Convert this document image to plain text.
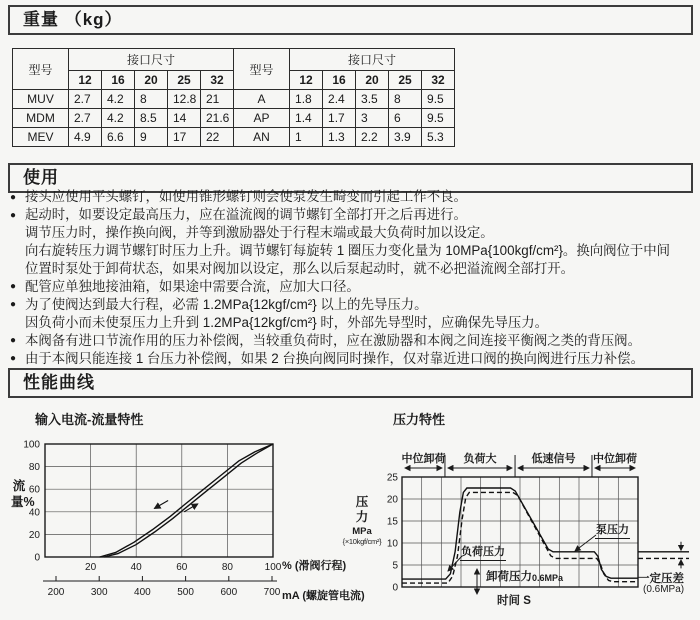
重量 （kg）
型号	接口尺寸					型号	接口尺寸				
	12	16	20	25	32		12	16	20	25	32
MUV	2.7	4.2	8	12.8	21	A	1.8	2.4	3.5	8	9.5
MDM	2.7	4.2	8.5	14	21.6	AP	1.4	1.7	3	6	9.5
MEV	4.9	6.6	9	17	22	AN	1	1.3	2.2	3.9	5.3
使用
● 接头应使用平头螺钉，如使用锥形螺钉则会使泵发生畸变而引起工作不良。
● 起动时，如要设定最高压力，应在溢流阀的调节螺钉全部打开之后再进行。
调节压力时，操作换向阀，并等到激励器处于行程末端或最大负荷时加以设定。
向右旋转压力调节螺钉时压力上升。调节螺钉每旋转 1 圈压力变化量为 10MPa{100kgf/cm²}。换向阀位于中间
位置时泵处于卸荷状态，如果对阀加以设定，那么以后泵起动时，就不必把溢流阀全部打开。
● 配管应单独地接油箱，如果途中需要合流，应加大口径。
● 为了使阀达到最大行程，必需 1.2MPa{12kgf/cm²} 以上的先导压力。
因负荷小而未使泵压力上升到 1.2MPa{12kgf/cm²} 时，外部先导型时，应确保先导压力。
● 本阀备有进口节流作用的压力补偿阀，当较重负荷时，应在激励器和本阀之间连接平衡阀之类的背压阀。
● 由于本阀只能连接 1 台压力补偿阀，如果 2 台换向阀同时操作，仅对靠近进口阀的换向阀进行压力补偿。
性能曲线
0
20
40
60
80
100
20	40	60	80	100
200	300	400	500	600	700	0
5
10
15
20
25
中位卸荷 负荷大	低速信号 中位卸荷
输入电流-流量特性	压力特性
流量%
% (滑阀行程)
mA (螺旋管电流)
压力
MPa
{×10kgf/cm²}
负荷压力
泵压力
卸荷压力0.6MPa
时间 S
一定压差
(0.6MPa)
